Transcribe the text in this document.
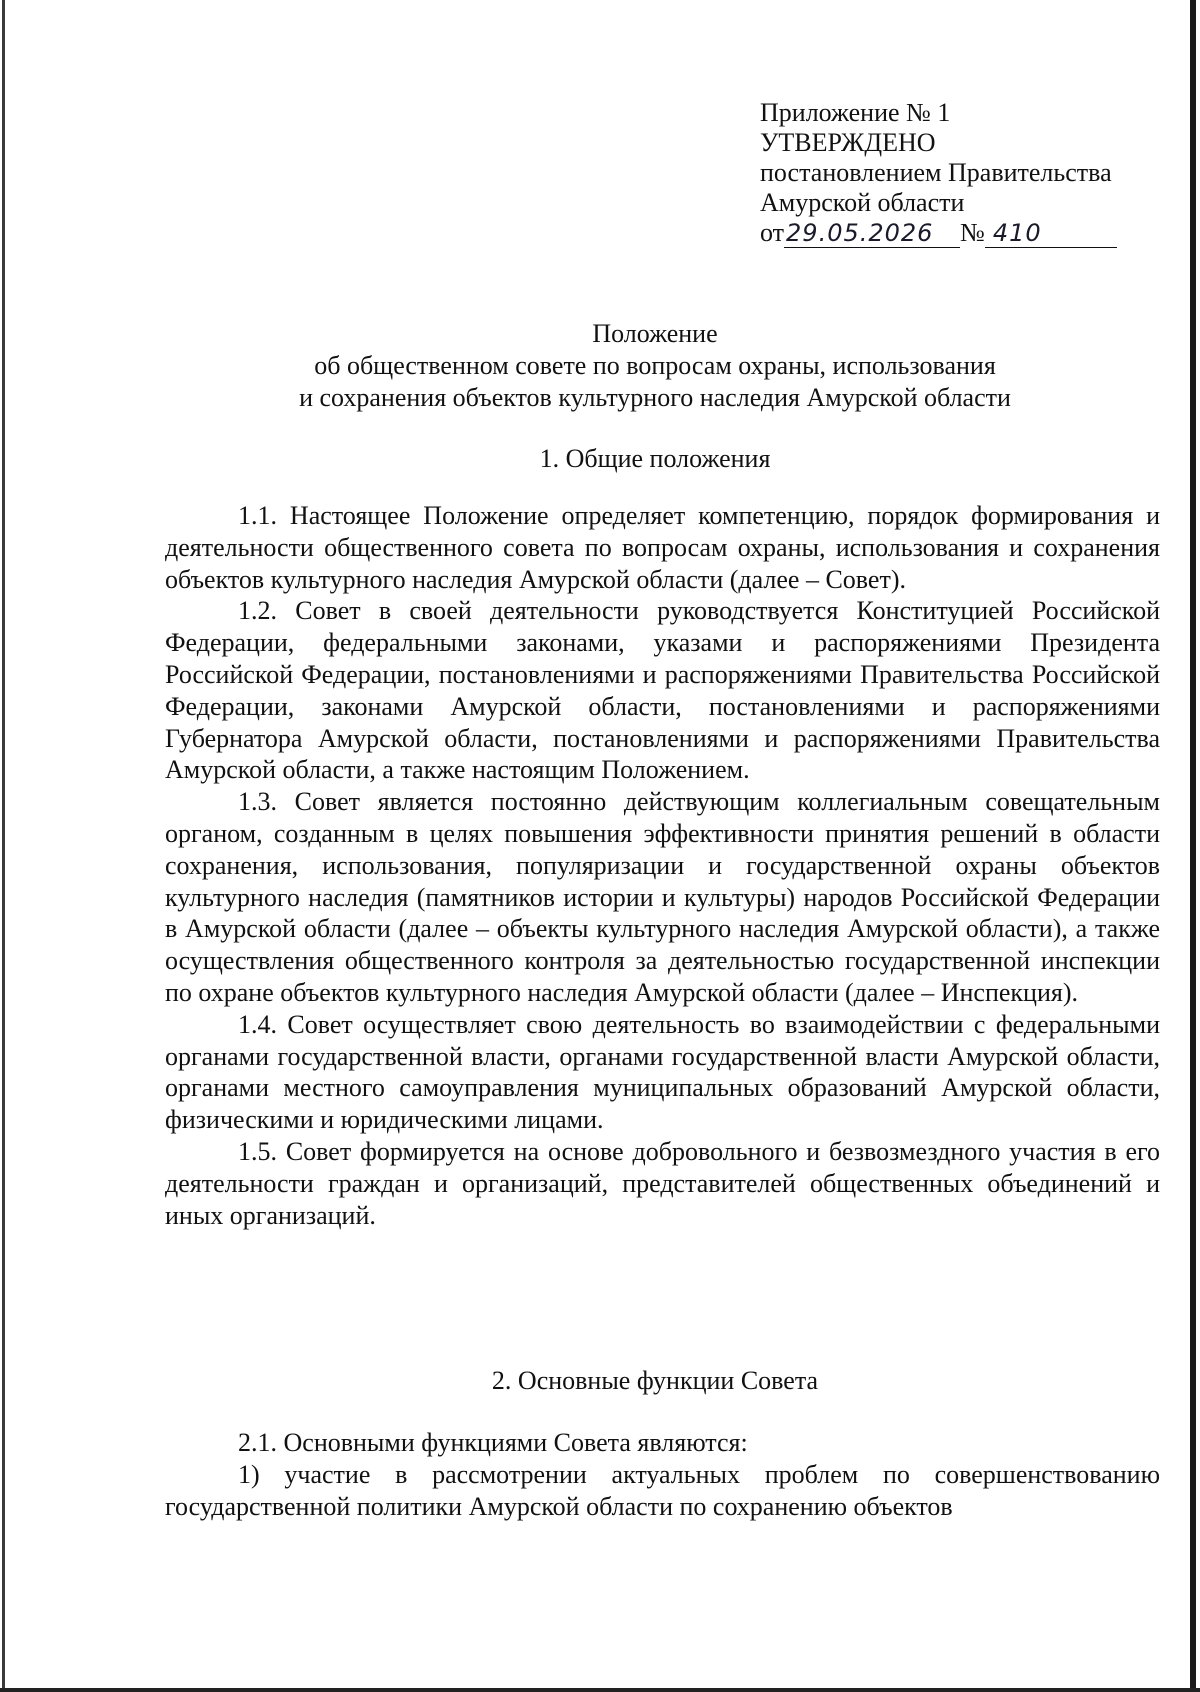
Приложение № 1
УТВЕРЖДЕНО
постановлением Правительства
Амурской области
от 29.05.2026	№ 410
Положение
об общественном совете по вопросам охраны, использования
и сохранения объектов культурного наследия Амурской области
1. Общие положения

1.1. Настоящее Положение определяет компетенцию, порядок формирования и деятельности общественного совета по вопросам охраны, использования и сохранения объектов культурного наследия Амурской области (далее – Совет).

1.2. Совет в своей деятельности руководствуется Конституцией Российской Федерации, федеральными законами, указами и распоряжениями Президента Российской Федерации, постановлениями и распоряжениями Правительства Российской Федерации, законами Амурской области, постановлениями и распоряжениями Губернатора Амурской области, постановлениями и распоряжениями Правительства Амурской области, а также настоящим Положением.

1.3. Совет является постоянно действующим коллегиальным совещательным органом, созданным в целях повышения эффективности принятия решений в области сохранения, использования, популяризации и государственной охраны объектов культурного наследия (памятников истории и культуры) народов Российской Федерации в Амурской области (далее – объекты культурного наследия Амурской области), а также осуществления общественного контроля за деятельностью государственной инспекции по охране объектов культурного наследия Амурской области (далее – Инспекция).

1.4. Совет осуществляет свою деятельность во взаимодействии с федеральными органами государственной власти, органами государственной власти Амурской области, органами местного самоуправления муниципальных образований Амурской области, физическими и юридическими лицами.

1.5. Совет формируется на основе добровольного и безвозмездного участия в его деятельности граждан и организаций, представителей общественных объединений и иных организаций.

2. Основные функции Совета

2.1. Основными функциями Совета являются:

1) участие в рассмотрении актуальных проблем по совершенствованию государственной политики Амурской области по сохранению объектов
